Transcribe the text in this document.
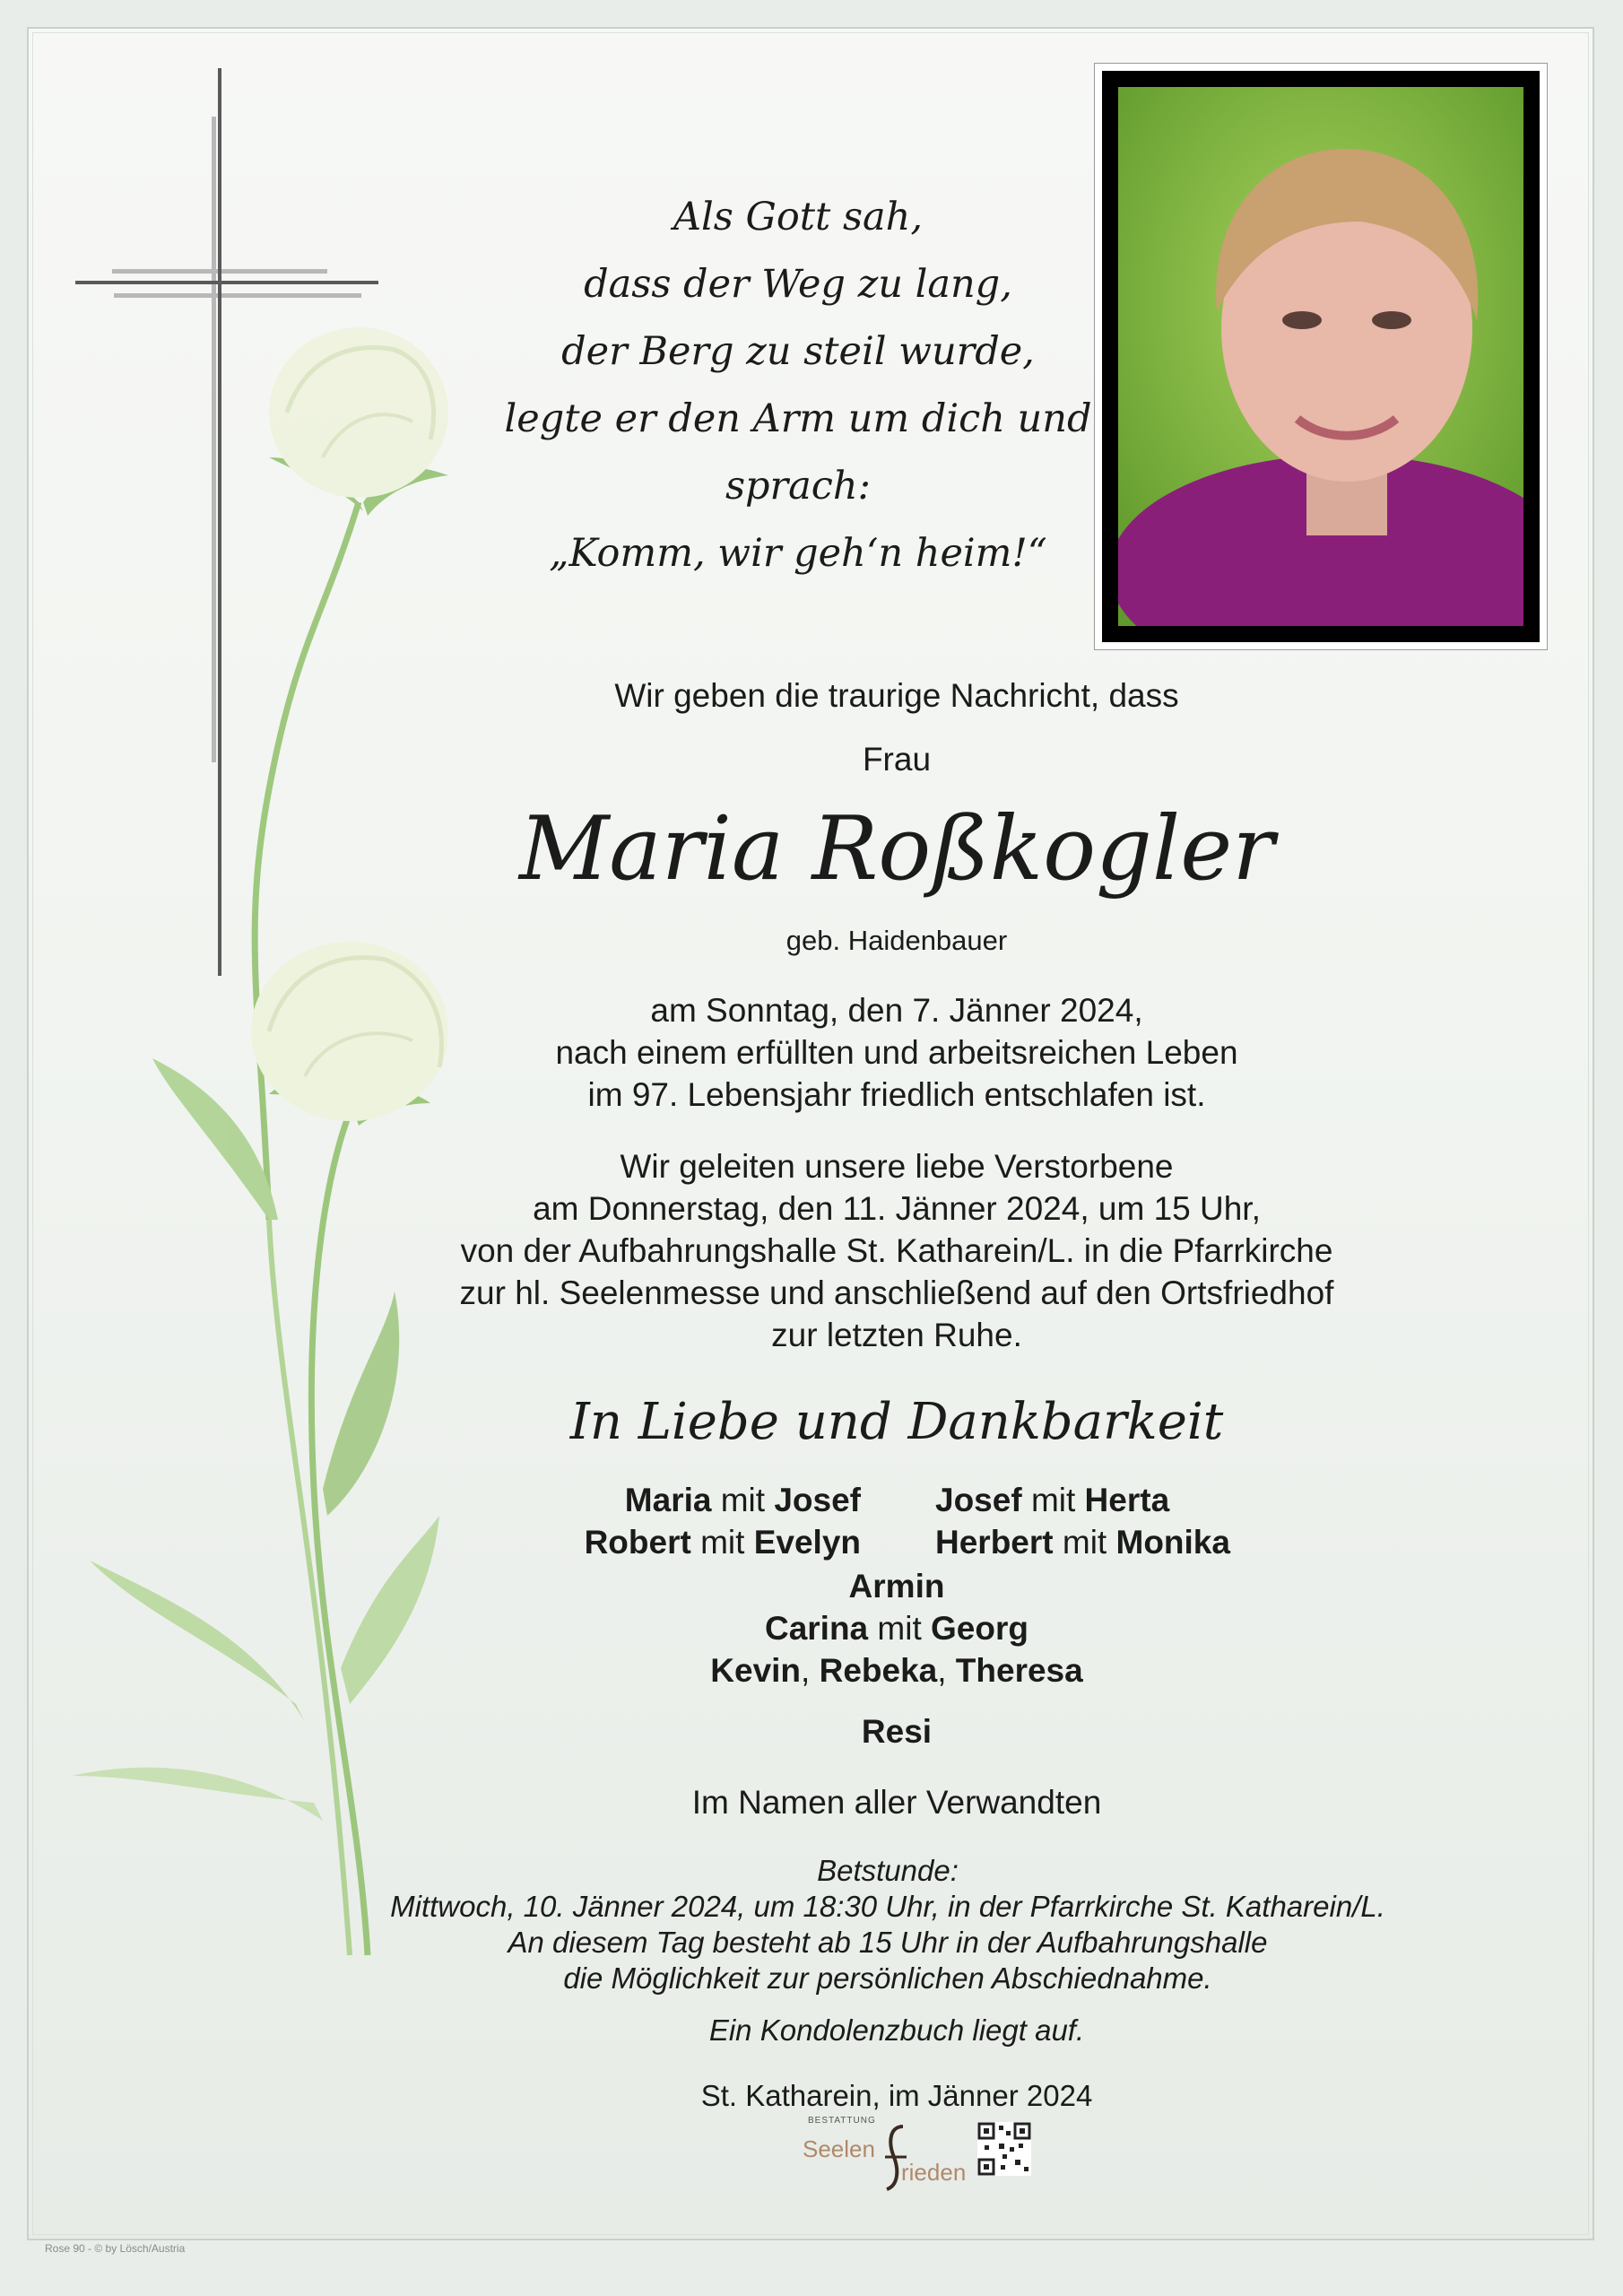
Als Gott sah,
dass der Weg zu lang,
der Berg zu steil wurde,
legte er den Arm um dich und sprach:
„Komm, wir geh‘n heim!“
Wir geben die traurige Nachricht, dass
Frau
Maria Roßkogler
geb. Haidenbauer
am Sonntag, den 7. Jänner 2024,
nach einem erfüllten und arbeitsreichen Leben
im 97. Lebensjahr friedlich entschlafen ist.
Wir geleiten unsere liebe Verstorbene
am Donnerstag, den 11. Jänner 2024, um 15 Uhr,
von der Aufbahrungshalle St. Katharein/L. in die Pfarrkirche
zur hl. Seelenmesse und anschließend auf den Ortsfriedhof
zur letzten Ruhe.
In Liebe und Dankbarkeit
Maria mit Josef
Robert mit Evelyn
Josef mit Herta
Herbert mit Monika
Armin
Carina mit Georg
Kevin, Rebeka, Theresa
Resi
Im Namen aller Verwandten
Betstunde:
Mittwoch, 10. Jänner 2024, um 18:30 Uhr, in der Pfarrkirche St. Katharein/L.
An diesem Tag besteht ab 15 Uhr in der Aufbahrungshalle
die Möglichkeit zur persönlichen Abschiednahme.
Ein Kondolenzbuch liegt auf.
St. Katharein, im Jänner 2024
BESTATTUNG
Seelen
rieden
Rose 90 - © by Lösch/Austria
